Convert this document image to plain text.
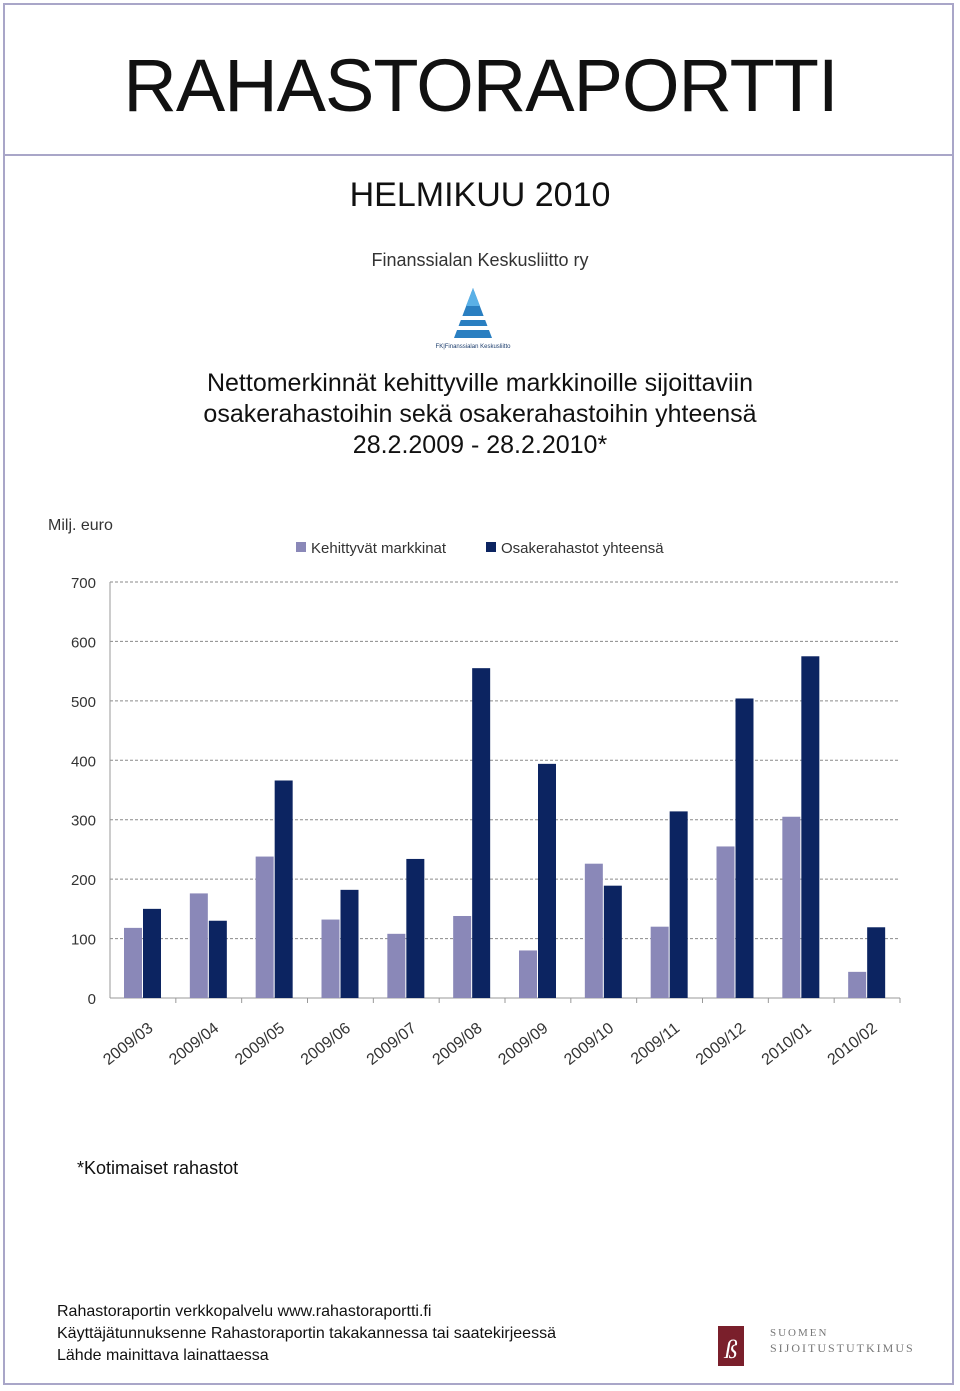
RAHASTORAPORTTI
HELMIKUU 2010
Finanssialan Keskusliitto ry
FK|Finanssialan Keskusliitto
Nettomerkinnät kehittyville markkinoille sijoittaviin
osakerahastoihin sekä osakerahastoihin yhteensä
28.2.2009 - 28.2.2010*
Milj. euro
0
100
200
300
400
500
600
700
2009/03 2009/04 2009/05 2009/06 2009/07 2009/08 2009/09 2009/10 2009/11 2009/12 2010/01 2010/02
Kehittyvät markkinat	Osakerahastot yhteensä
*Kotimaiset rahastot
Rahastoraportin verkkopalvelu www.rahastoraportti.fi
Käyttäjätunnuksenne Rahastoraportin takakannessa tai saatekirjeessä
Lähde mainittava lainattaessa	ß
SUOMEN
SIJOITUSTUTKIMUS
